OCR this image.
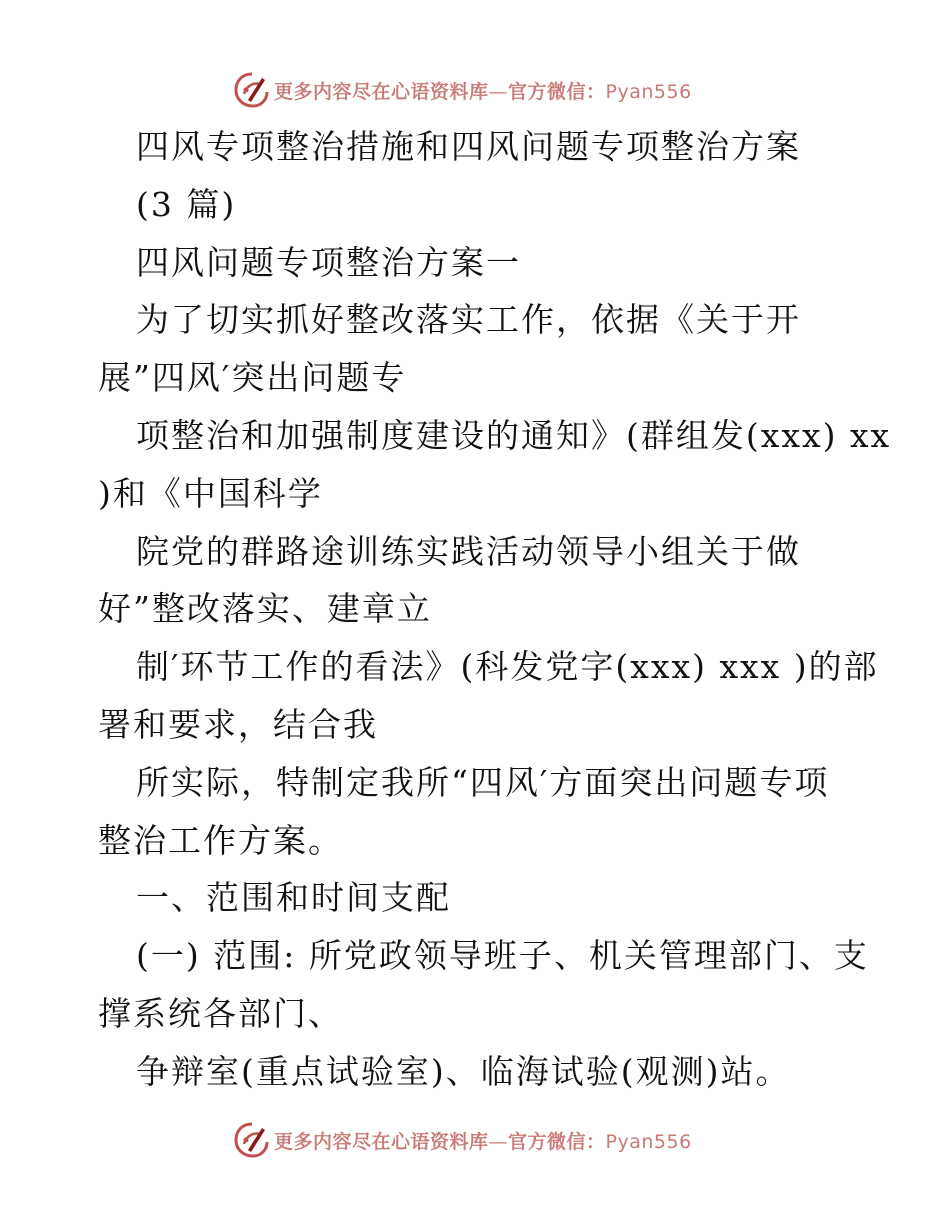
更多内容尽在心语资料库—官方微信：Pyan556
四风专项整治措施和四风问题专项整治方案
(3 篇)
四风问题专项整治方案一
为了切实抓好整改落实工作，依据《关于开
展”四风′突出问题专
项整治和加强制度建设的通知》(群组发(xxx) xx
)和《中国科学
院党的群路途训练实践活动领导小组关于做
好”整改落实、建章立
制′环节工作的看法》(科发党字(xxx) xxx )的部
署和要求，结合我
所实际，特制定我所“四风′方面突出问题专项
整治工作方案。
一、范围和时间支配
(一) 范围: 所党政领导班子、机关管理部门、支
撑系统各部门、
争辩室(重点试验室)、临海试验(观测)站。
更多内容尽在心语资料库—官方微信：Pyan556
